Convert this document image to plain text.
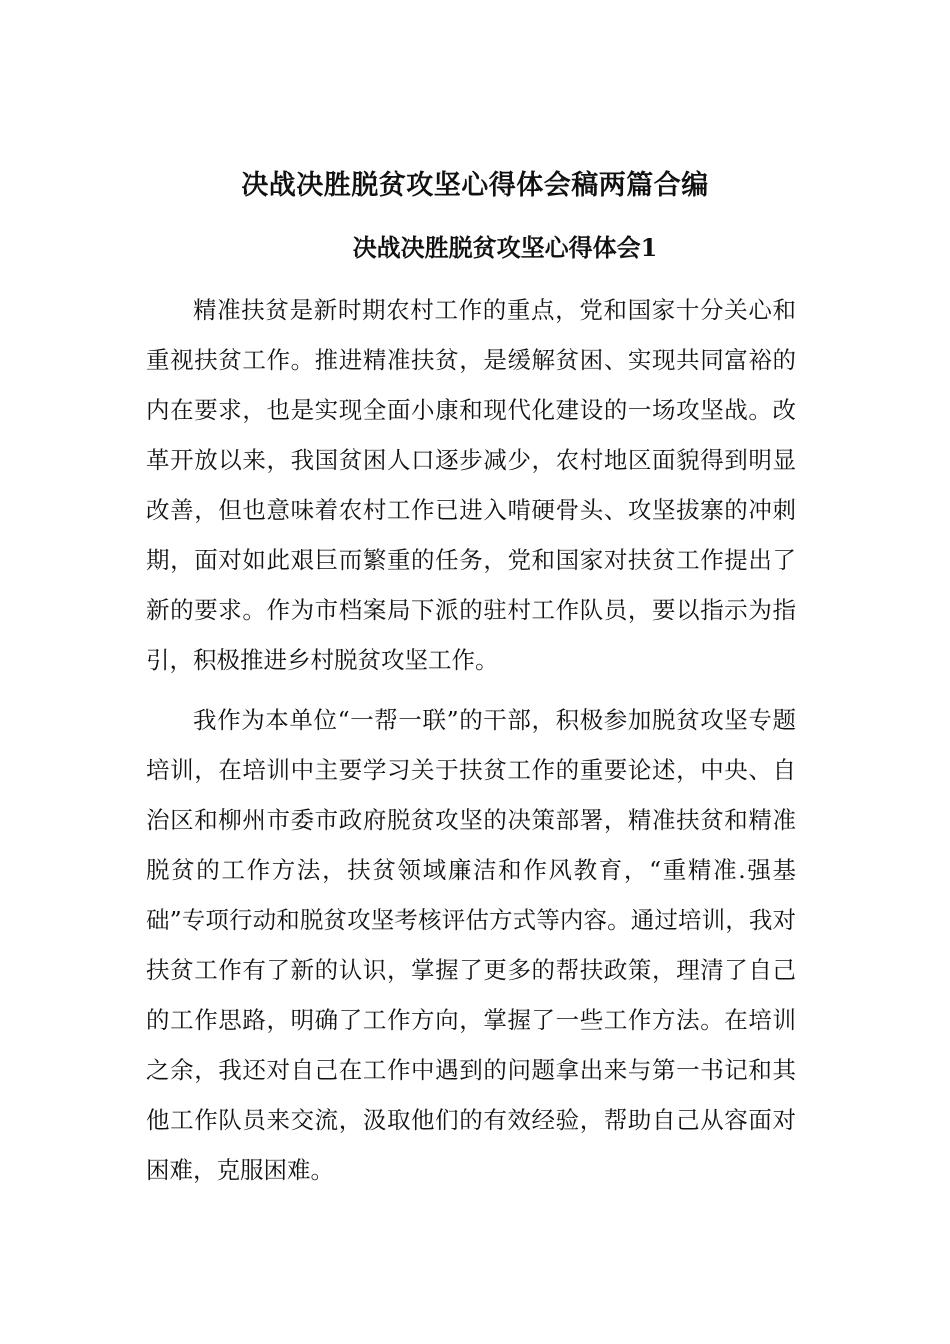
决战决胜脱贫攻坚心得体会稿两篇合编
决战决胜脱贫攻坚心得体会1

精准扶贫是新时期农村工作的重点，党和国家十分关心和重视扶贫工作。推进精准扶贫，是缓解贫困、实现共同富裕的内在要求，也是实现全面小康和现代化建设的一场攻坚战。改革开放以来，我国贫困人口逐步减少，农村地区面貌得到明显改善，但也意味着农村工作已进入啃硬骨头、攻坚拔寨的冲刺期，面对如此艰巨而繁重的任务，党和国家对扶贫工作提出了新的要求。作为市档案局下派的驻村工作队员，要以指示为指引，积极推进乡村脱贫攻坚工作。

我作为本单位“一帮一联”的干部，积极参加脱贫攻坚专题培训，在培训中主要学习关于扶贫工作的重要论述，中央、自治区和柳州市委市政府脱贫攻坚的决策部署，精准扶贫和精准脱贫的工作方法，扶贫领域廉洁和作风教育，“重精准.强基础”专项行动和脱贫攻坚考核评估方式等内容。通过培训，我对扶贫工作有了新的认识，掌握了更多的帮扶政策，理清了自己的工作思路，明确了工作方向，掌握了一些工作方法。在培训之余，我还对自己在工作中遇到的问题拿出来与第一书记和其他工作队员来交流，汲取他们的有效经验，帮助自己从容面对困难，克服困难。
